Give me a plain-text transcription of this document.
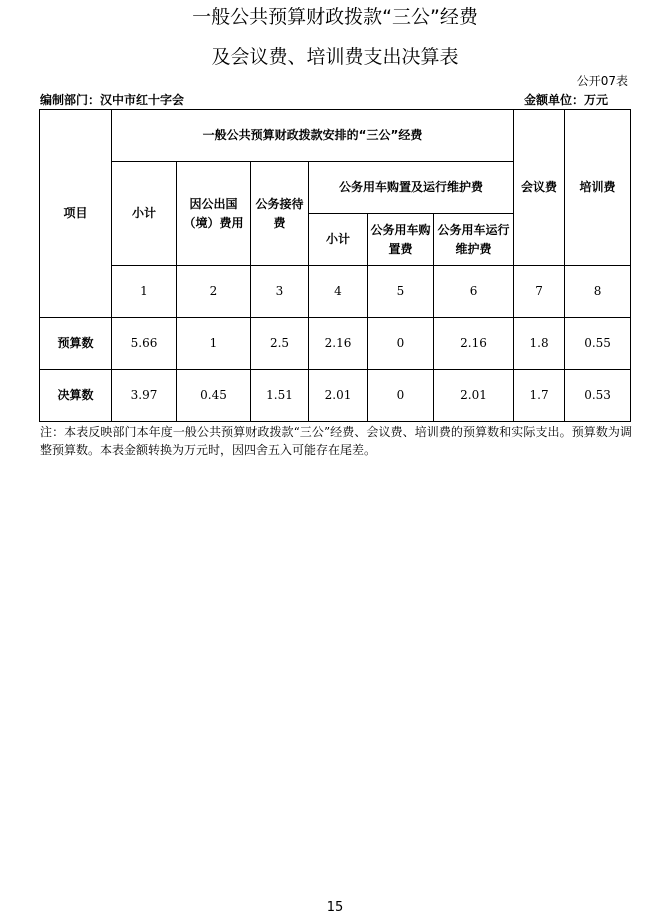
一般公共预算财政拨款“三公”经费
及会议费、培训费支出决算表
公开07表
编制部门：汉中市红十字会	金额单位：万元
项目	一般公共预算财政拨款安排的“三公”经费						会议费	培训费
	小计	因公出国（境）费用	公务接待费	公务用车购置及运行维护费				
				小计	公务用车购置费	公务用车运行维护费		
	1	2	3	4	5	6	7	8
预算数	5.66	1	2.5	2.16	0	2.16	1.8	0.55
决算数	3.97	0.45	1.51	2.01	0	2.01	1.7	0.53
注：本表反映部门本年度一般公共预算财政拨款“三公”经费、会议费、培训费的预算数和实际支出。预算数为调整预算数。本表金额转换为万元时，因四舍五入可能存在尾差。
15
